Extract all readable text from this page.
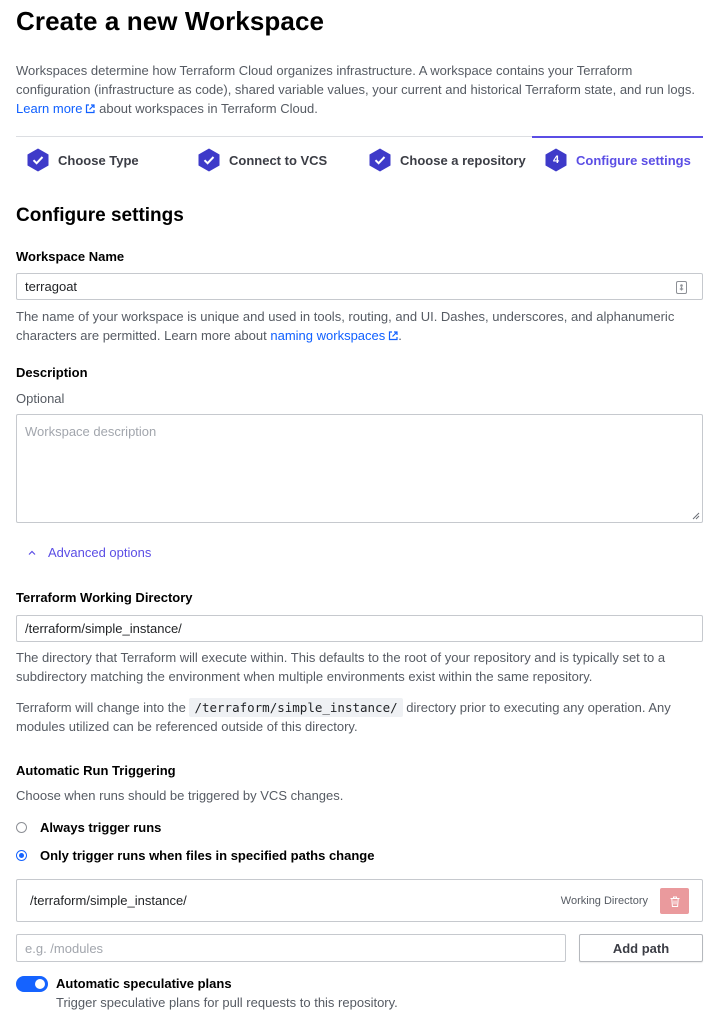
Create a new Workspace

Workspaces determine how Terraform Cloud organizes infrastructure. A workspace contains your Terraform configuration (infrastructure as code), shared variable values, your current and historical Terraform state, and run logs. Learn more about workspaces in Terraform Cloud.

Choose Type	Connect to VCS	Choose a repository	4	Configure settings
Configure settings
Workspace Name
terragoat

The name of your workspace is unique and used in tools, routing, and UI. Dashes, underscores, and alphanumeric characters are permitted. Learn more about naming workspaces .

Description
Optional
Workspace description
Advanced options
Terraform Working Directory
/terraform/simple_instance/

The directory that Terraform will execute within. This defaults to the root of your repository and is typically set to a subdirectory matching the environment when multiple environments exist within the same repository.

Terraform will change into the /terraform/simple_instance/ directory prior to executing any operation. Any modules utilized can be referenced outside of this directory.

Automatic Run Triggering
Choose when runs should be triggered by VCS changes.
Always trigger runs
Only trigger runs when files in specified paths change
/terraform/simple_instance/	Working Directory
e.g. /modules	Add path
Automatic speculative plans
Trigger speculative plans for pull requests to this repository.
